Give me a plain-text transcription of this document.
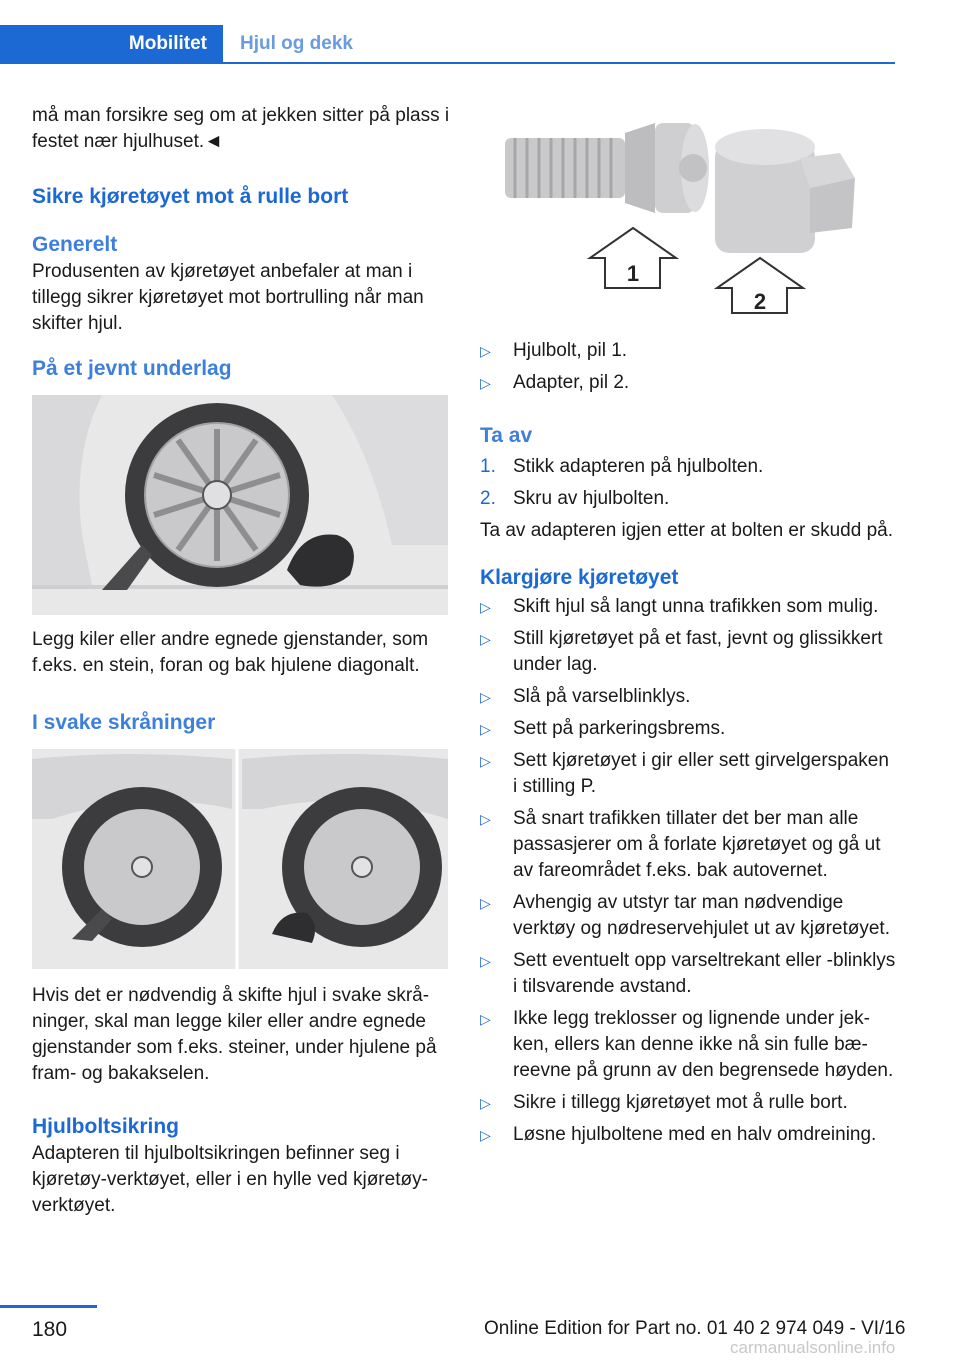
Mobilitet	Hjul og dekk

må man forsikre seg om at jekken sitter på plass i festet nær hjulhuset.◄

Sikre kjøretøyet mot å rulle bort
Generelt

Produsenten av kjøretøyet anbefaler at man i tillegg sikrer kjøretøyet mot bortrulling når man skifter hjul.

På et jevnt underlag

Legg kiler eller andre egnede gjenstander, som f.eks. en stein, foran og bak hjulene diagonalt.

I svake skråninger

Hvis det er nødvendig å skifte hjul i svake skråninger, skal man legge kiler eller andre egnede gjenstander som f.eks. steiner, under hjulene på fram- og bakakselen.

Hjulboltsikring

Adapteren til hjulboltsikringen befinner seg i kjøretøy-verktøyet, eller i en hylle ved kjøretøy-verktøyet.

1
2
▷ Hjulbolt, pil 1.
▷ Adapter, pil 2.
Ta av
1. Stikk adapteren på hjulbolten.
2. Skru av hjulbolten.

Ta av adapteren igjen etter at bolten er skudd på.

Klargjøre kjøretøyet
▷ Skift hjul så langt unna trafikken som mulig.
▷ Still kjøretøyet på et fast, jevnt og glissikkert under lag.
▷ Slå på varselblinklys.
▷ Sett på parkeringsbrems.
▷ Sett kjøretøyet i gir eller sett girvelgerspaken i stilling P.
▷ Så snart trafikken tillater det ber man alle passasjerer om å forlate kjøretøyet og gå ut av fareområdet f.eks. bak autovernet.
▷ Avhengig av utstyr tar man nødvendige verktøy og nødreservehjulet ut av kjøretøyet.
▷ Sett eventuelt opp varseltrekant eller -blinklys i tilsvarende avstand.
▷ Ikke legg treklosser og lignende under jekken, ellers kan denne ikke nå sin fulle bæreevne på grunn av den begrensede høyden.
▷ Sikre i tillegg kjøretøyet mot å rulle bort.
▷ Løsne hjulboltene med en halv omdreining.
180	Online Edition for Part no. 01 40 2 974 049 - VI/16
carmanualsonline.info
